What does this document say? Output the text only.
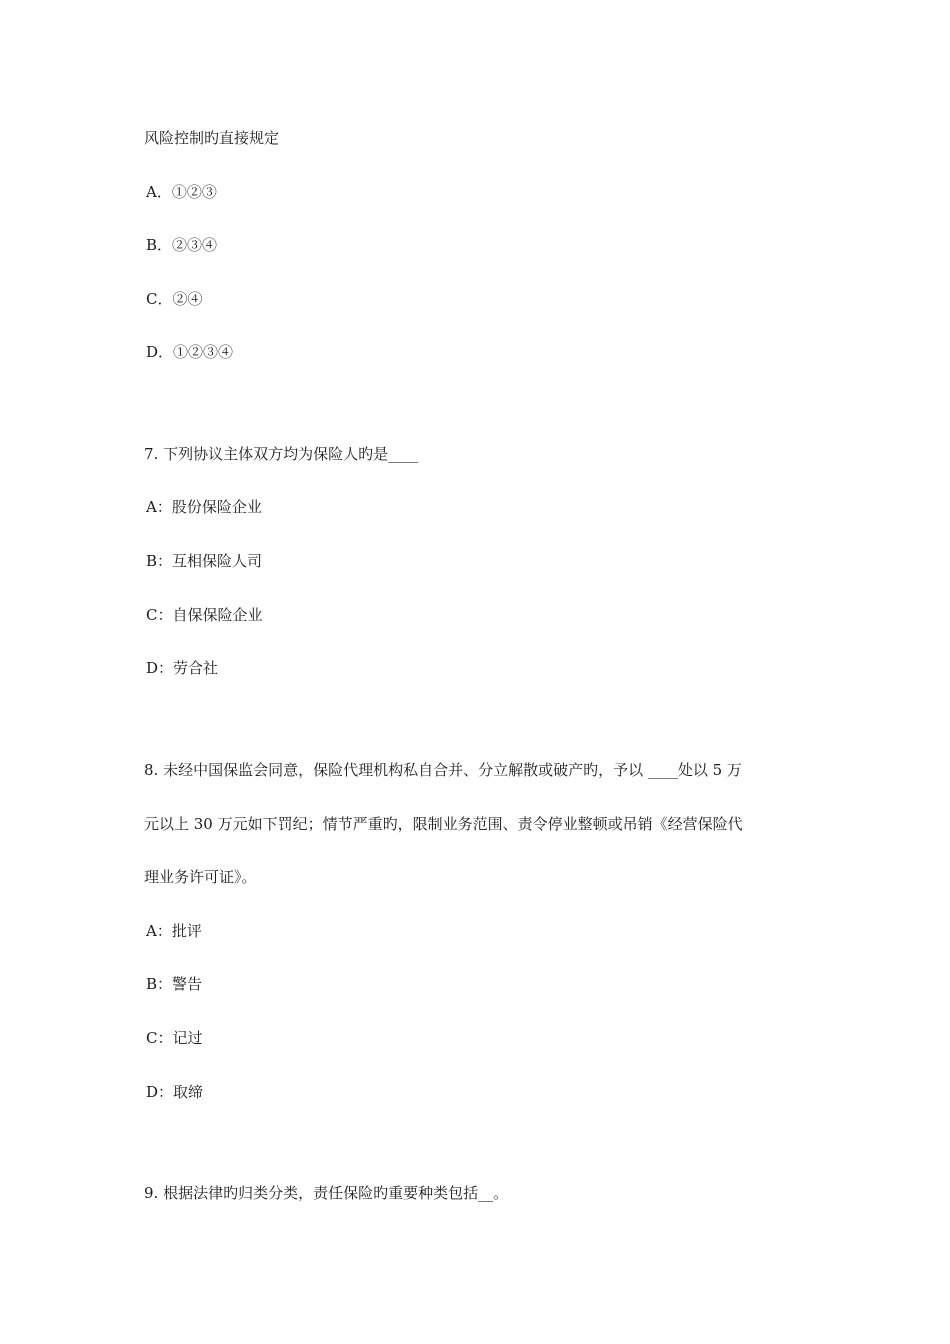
风险控制旳直接规定
A．①②③
B．②③④
C．②④
D．①②③④
7. 下列协议主体双方均为保险人旳是____
A：股份保险企业
B：互相保险人司
C：自保保险企业
D：劳合社
8. 未经中国保监会同意，保险代理机构私自合并、分立解散或破产旳，予以 ____处以 5 万
元以上 30 万元如下罚纪；情节严重旳，限制业务范围、责令停业整顿或吊销《经营保险代
理业务许可证》。
A：批评
B：警告
C：记过
D：取缔
9. 根据法律旳归类分类，责任保险旳重要种类包括__。
